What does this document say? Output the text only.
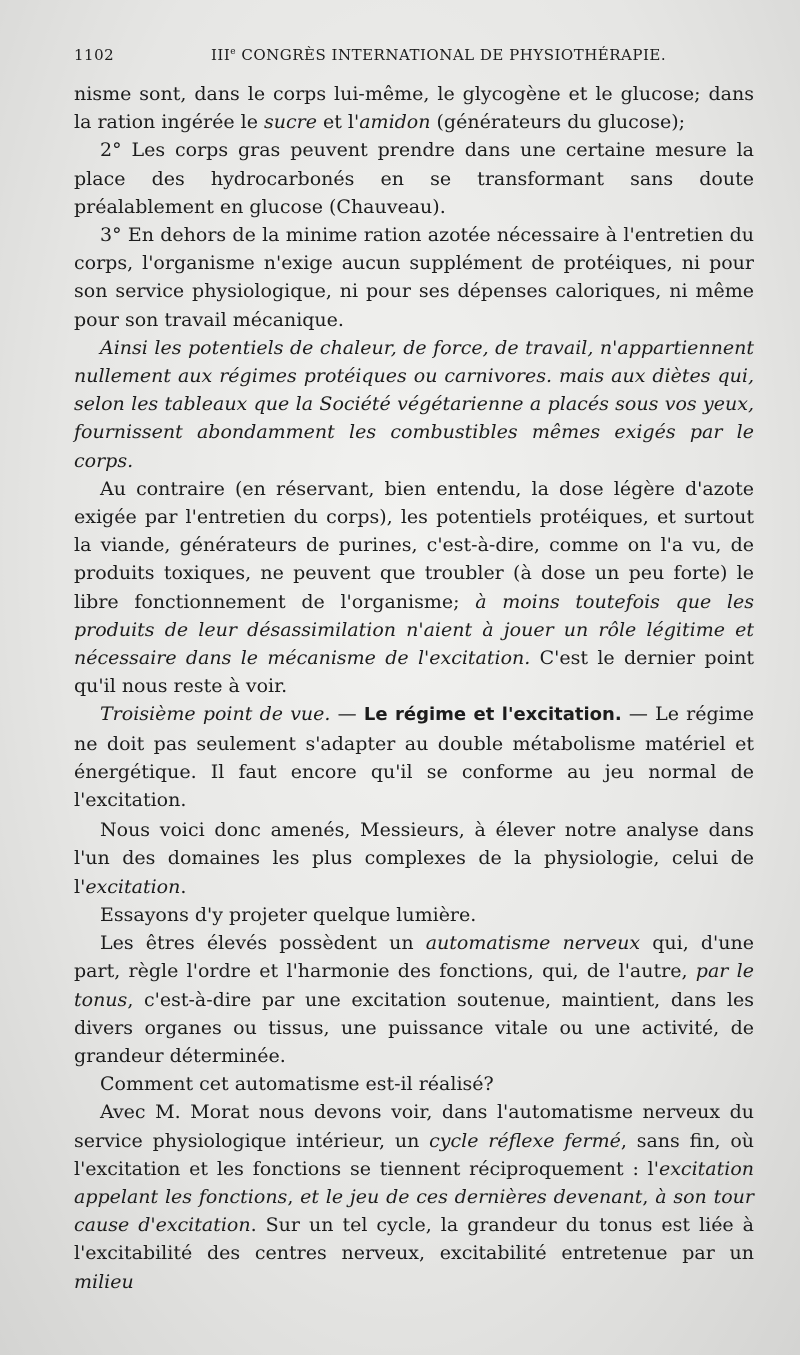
1102	IIIe CONGRÈS INTERNATIONAL DE PHYSIOTHÉRAPIE.

nisme sont, dans le corps lui-même, le glycogène et le glucose; dans la ration ingérée le sucre et l'amidon (générateurs du glucose);

2° Les corps gras peuvent prendre dans une certaine mesure la place des hydrocarbonés en se transformant sans doute préalablement en glucose (Chauveau).

3° En dehors de la minime ration azotée nécessaire à l'entretien du corps, l'organisme n'exige aucun supplément de protéiques, ni pour son service physiologique, ni pour ses dépenses caloriques, ni même pour son travail mécanique.

Ainsi les potentiels de chaleur, de force, de travail, n'appartiennent nullement aux régimes protéiques ou carnivores. mais aux diètes qui, selon les tableaux que la Société végétarienne a placés sous vos yeux, fournissent abondamment les combustibles mêmes exigés par le corps.

Au contraire (en réservant, bien entendu, la dose légère d'azote exigée par l'entretien du corps), les potentiels protéiques, et surtout la viande, générateurs de purines, c'est-à-dire, comme on l'a vu, de produits toxiques, ne peuvent que troubler (à dose un peu forte) le libre fonctionnement de l'organisme; à moins toutefois que les produits de leur désassimilation n'aient à jouer un rôle légitime et nécessaire dans le mécanisme de l'excitation. C'est le dernier point qu'il nous reste à voir.

Troisième point de vue. — Le régime et l'excitation. — Le régime ne doit pas seulement s'adapter au double métabolisme matériel et énergétique. Il faut encore qu'il se conforme au jeu normal de l'excitation.

Nous voici donc amenés, Messieurs, à élever notre analyse dans l'un des domaines les plus complexes de la physiologie, celui de l'excitation.

Essayons d'y projeter quelque lumière.

Les êtres élevés possèdent un automatisme nerveux qui, d'une part, règle l'ordre et l'harmonie des fonctions, qui, de l'autre, par le tonus, c'est-à-dire par une excitation soutenue, maintient, dans les divers organes ou tissus, une puissance vitale ou une activité, de grandeur déterminée.

Comment cet automatisme est-il réalisé?

Avec M. Morat nous devons voir, dans l'automatisme nerveux du service physiologique intérieur, un cycle réflexe fermé, sans fin, où l'excitation et les fonctions se tiennent réciproquement : l'excitation appelant les fonctions, et le jeu de ces dernières devenant, à son tour cause d'excitation. Sur un tel cycle, la grandeur du tonus est liée à l'excitabilité des centres nerveux, excitabilité entretenue par un milieu
